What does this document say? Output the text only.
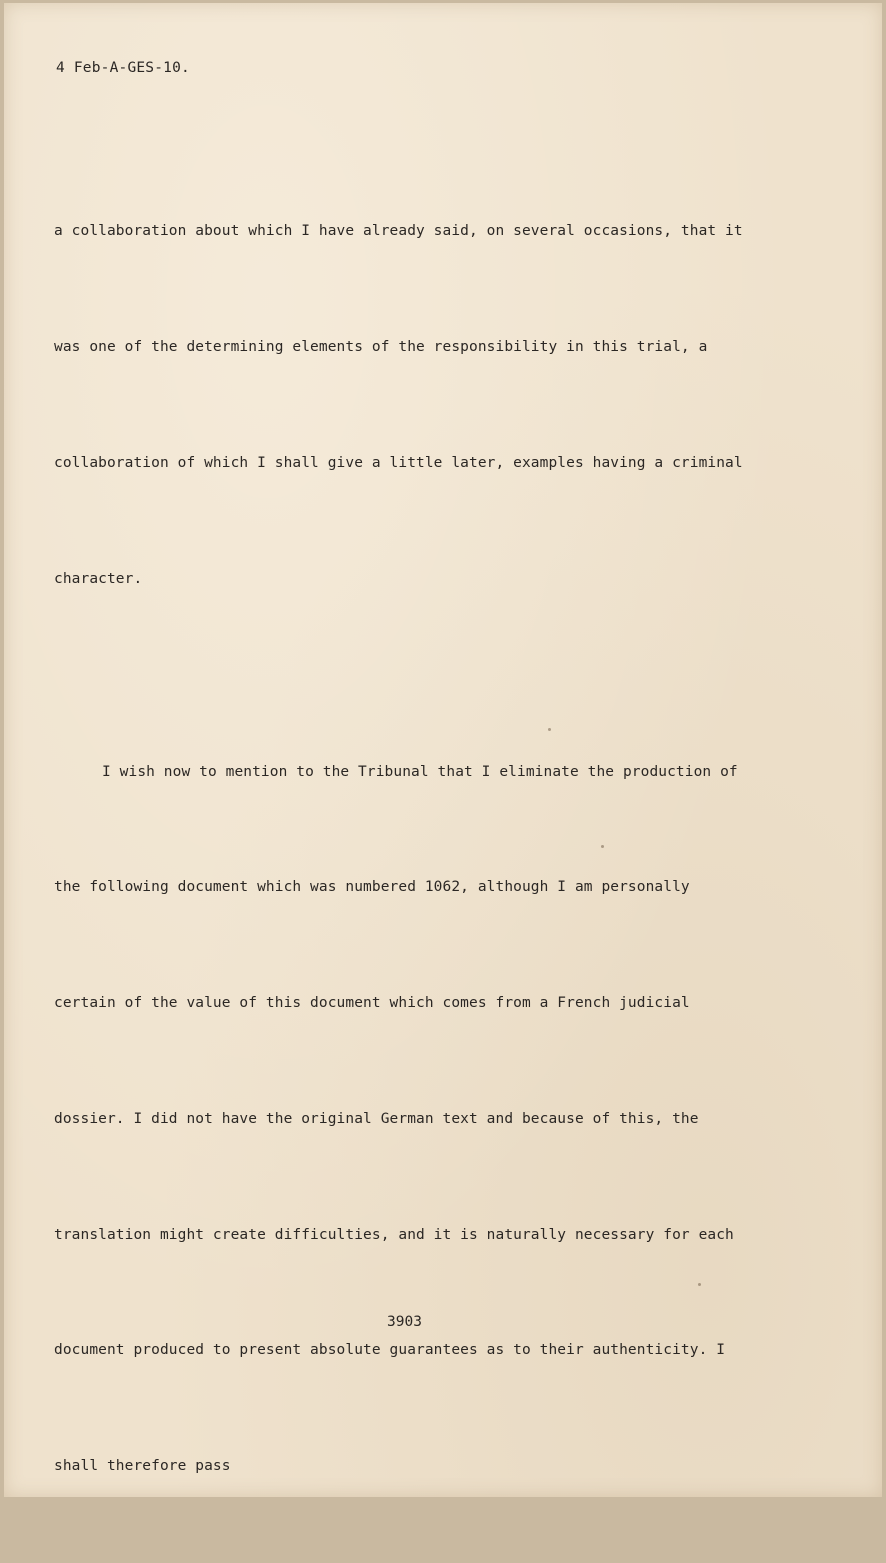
4 Feb-A-GES-10.

a collaboration about which I have already said, on several occasions, that it

was one of the determining elements of the responsibility in this trial, a

collaboration of which I shall give a little later, examples having a criminal

character.

I wish now to mention to the Tribunal that I eliminate the production of

the following document which was numbered 1062, although I am personally

certain of the value of this document which comes from a French judicial

dossier. I did not have the original German text and because of this, the

translation might create difficulties, and it is naturally necessary for each

document produced to present absolute guarantees as to their authenticity. I

shall therefore pass

3903
